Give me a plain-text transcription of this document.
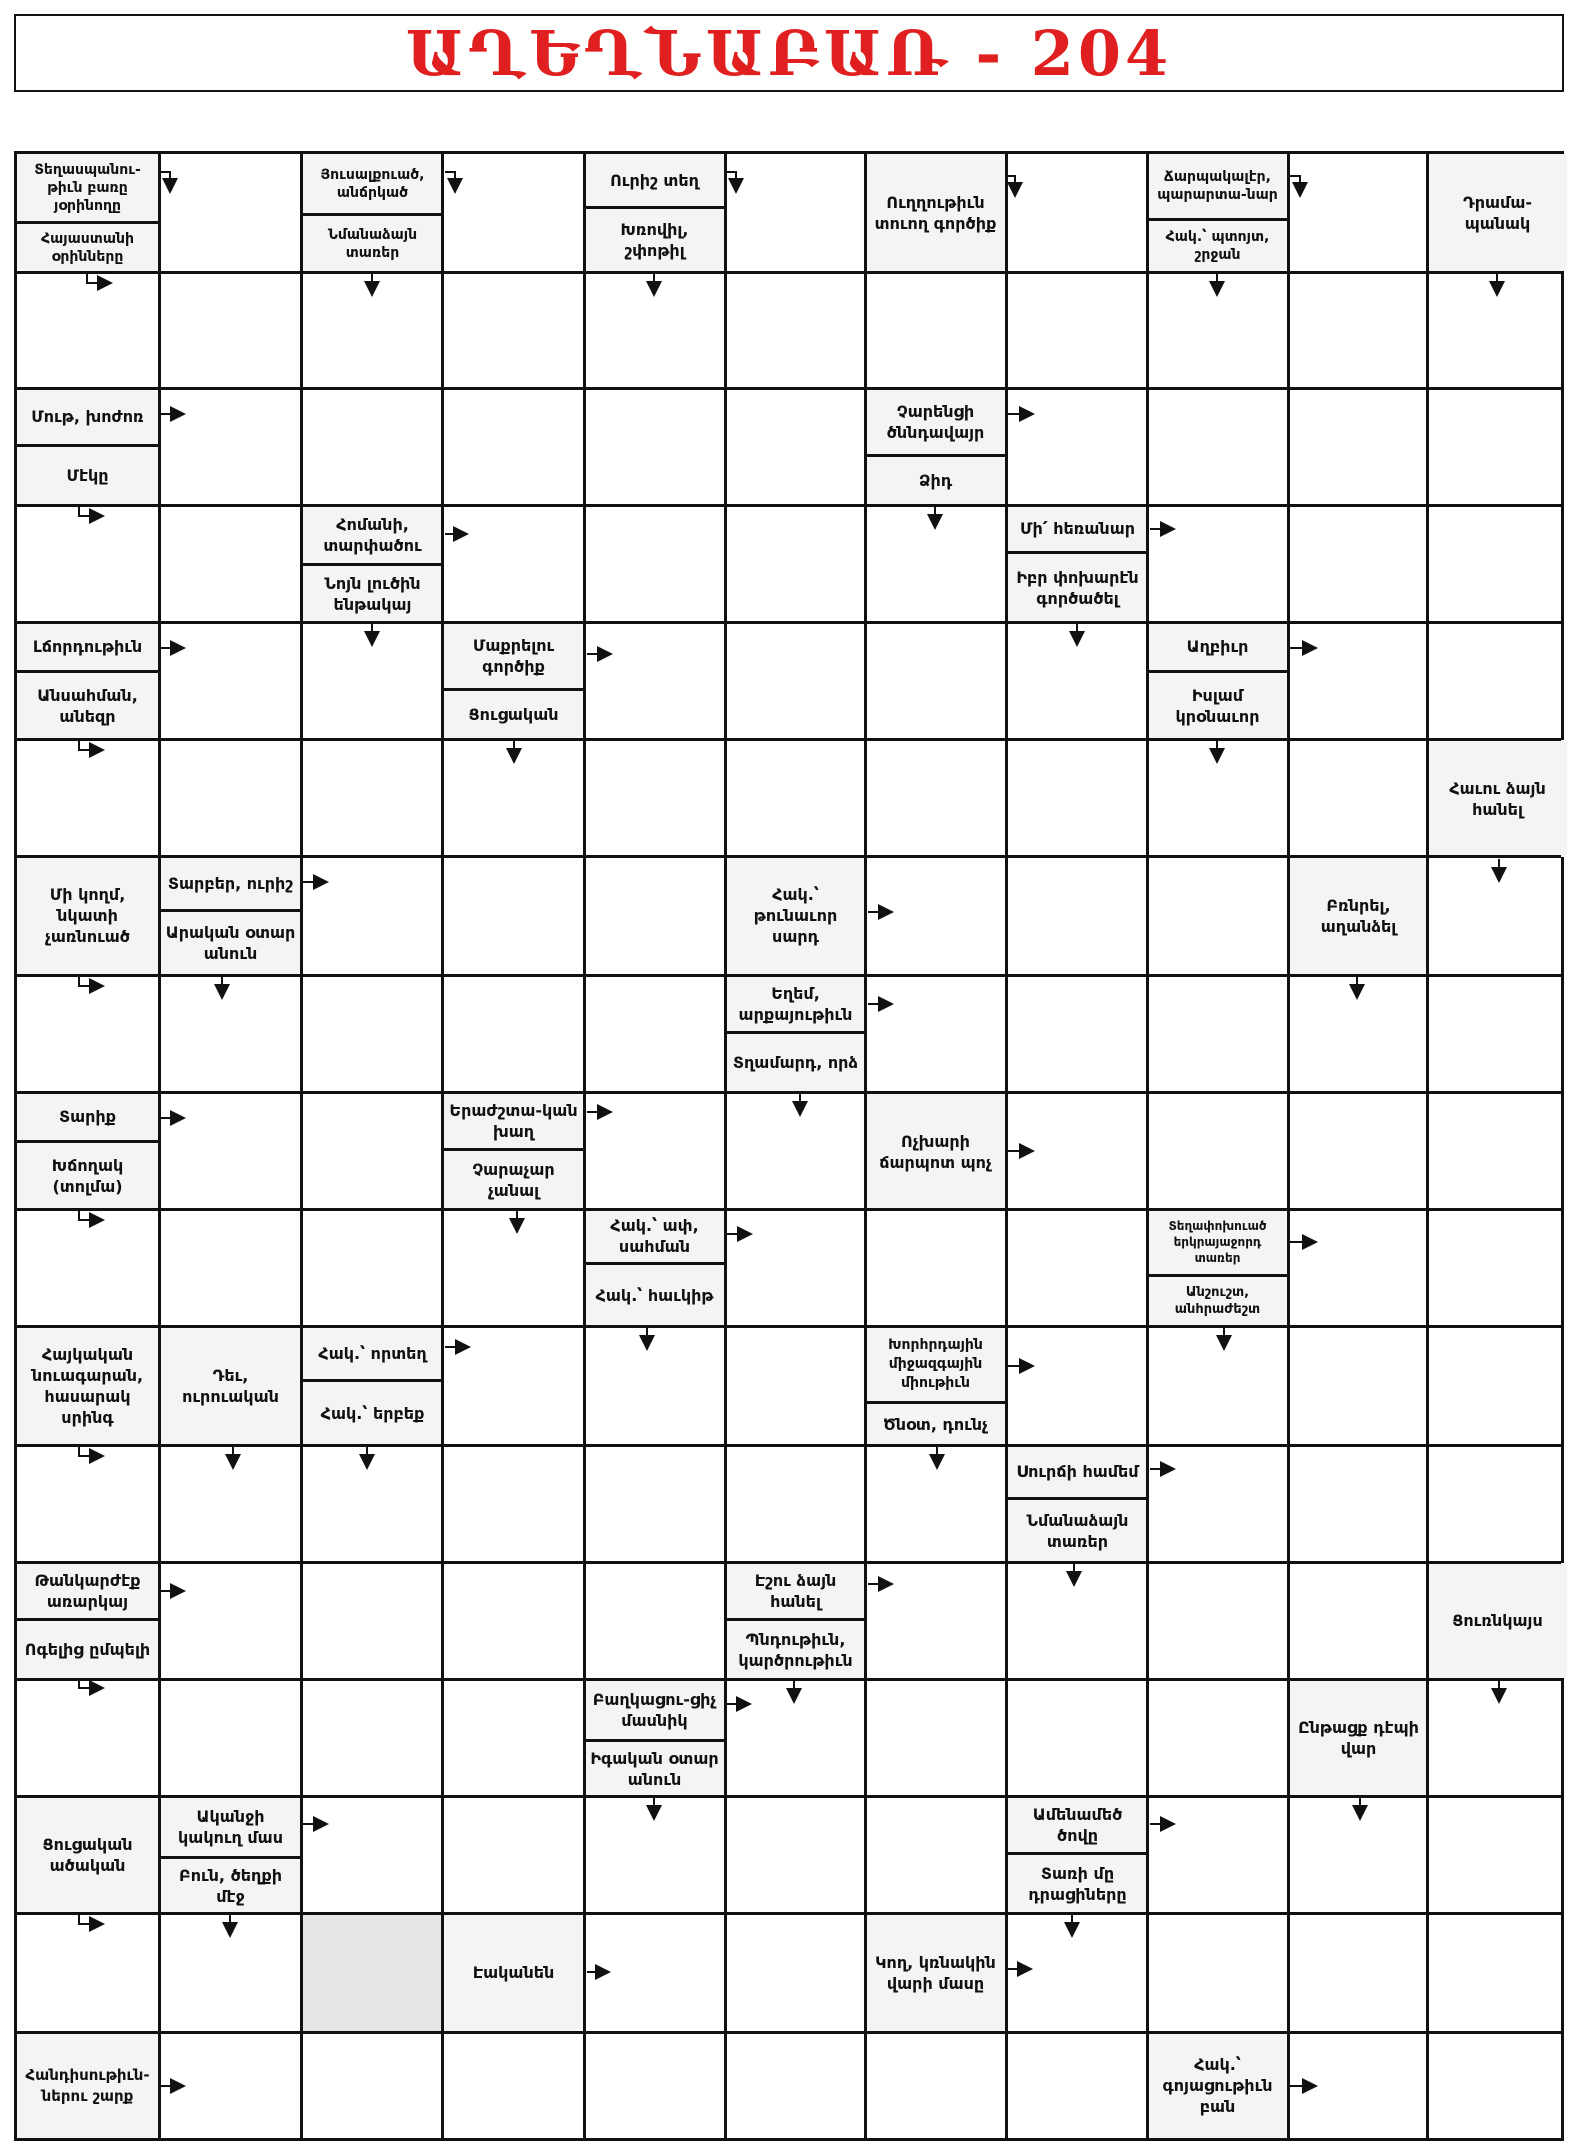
ԱՂԵՂՆԱԲԱՌ - 204
Տեղասպանու-թիւն բառը յօրինողը
Հայաստանի օրինները
Յուսալքուած, անճրկած
Նմանաձայն տառեր
Ուրիշ տեղ
Խռովիլ, շփոթիլ
Ուղղութիւն տուող գործիք
Ճարպակալէր, պարարտա-նար
Հակ.՝ պտոյտ, շրջան
Դրամա-պանակ
Մութ, խոժոռ
Մէկը
Չարենցի ծննդավայր
Ձիդ
Հոմանի, տարփածու
Նոյն լուծին ենթակայ
Մի՛ հեռանար
Իբր փոխարէն գործածել
Լճորդութիւն
Անսահման, անեզր
Մաքրելու գործիք
Ցուցական
Աղբիւր
Իսլամ կրօնաւոր
Հաւու ձայն հանել
Մի կողմ, նկատի չառնուած
Տարբեր, ուրիշ
Արական օտար անուն
Հակ.՝ թունաւոր սարդ
Բռնրել, աղանձել
Եղեմ, արքայութիւն
Տղամարդ, որձ
Տարիք
Խճողակ (տոլմա)
Երաժշտա-կան խաղ
Չարաչար չանալ
Ոչխարի ճարպոտ պոչ
Հակ.՝ ափ, սահման
Հակ.՝ հաւկիթ
Տեղափոխուած երկրայաջորդ տառեր
Անշուշտ, անհրաժեշտ
Հայկական նուագարան, հասարակ սրինգ
Դեւ, ուրուական
Հակ.՝ որտեղ
Հակ.՝ երբեք
Խորհրդային միջազգային միութիւն
Ծնօտ, դունչ
Սուրճի համեմ
Նմանաձայն տառեր
Թանկարժէք առարկայ
Ոգելից ըմպելի
Էշու ձայն հանել
Պնդութիւն, կարծրութիւն
Ցուռնկայս
Բաղկացու-ցիչ մասնիկ
Իգական օտար անուն
Ընթացք դէպի վար
Ցուցական ածական
Ականջի կակուղ մաս
Բուն, ծեղքի մէջ
Ամենամեծ ծովը
Տառի մը դրացիները
Էականեն
Կող, կռնակին վարի մասը
Հանդիսութիւն-ներու շարք
Հակ.՝ գոյացութիւն բան
